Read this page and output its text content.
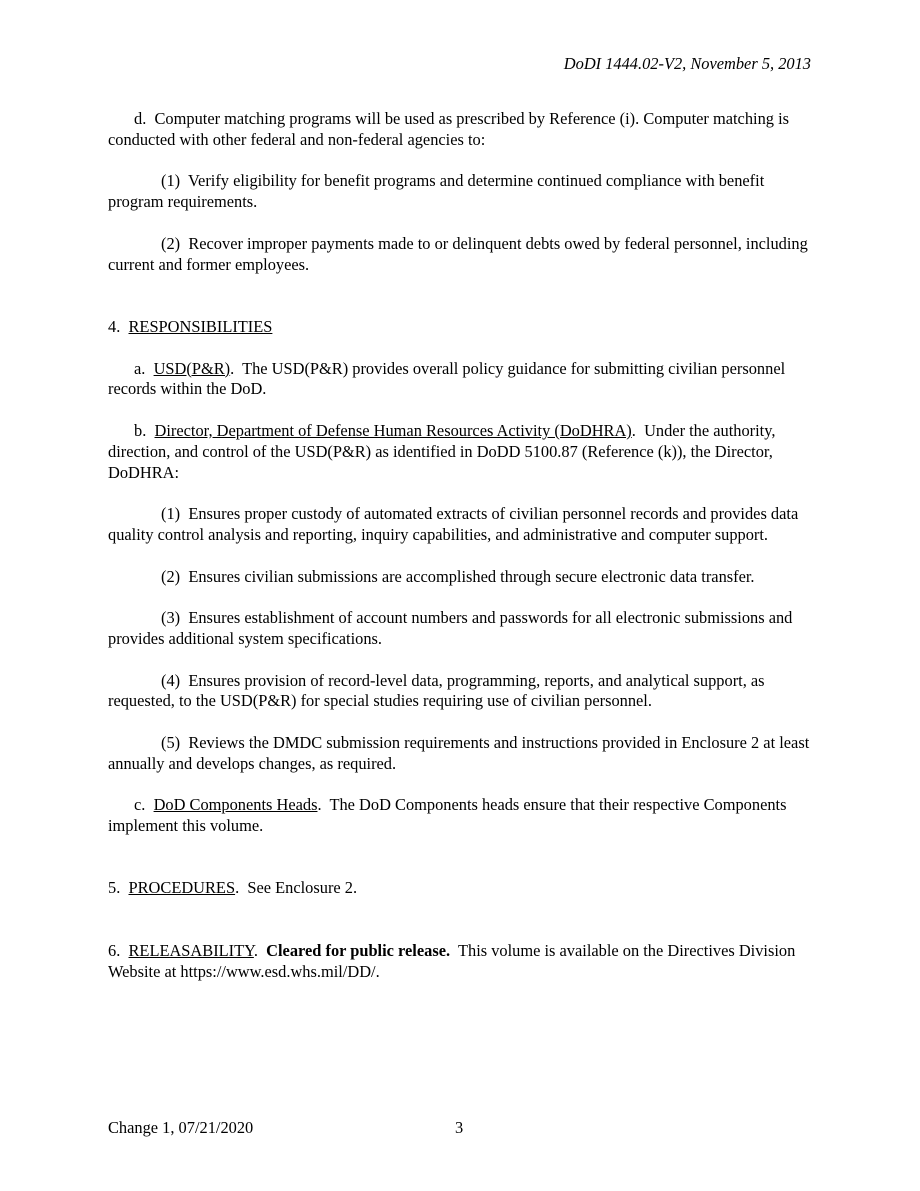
DoDI 1444.02-V2, November 5, 2013

d. Computer matching programs will be used as prescribed by Reference (i). Computer matching is conducted with other federal and non-federal agencies to:

(1) Verify eligibility for benefit programs and determine continued compliance with benefit program requirements.

(2) Recover improper payments made to or delinquent debts owed by federal personnel, including current and former employees.

4. RESPONSIBILITIES

a. USD(P&R).  The USD(P&R) provides overall policy guidance for submitting civilian personnel records within the DoD.

b. Director, Department of Defense Human Resources Activity (DoDHRA).  Under the authority, direction, and control of the USD(P&R) as identified in DoDD 5100.87 (Reference (k)), the Director, DoDHRA:

(1) Ensures proper custody of automated extracts of civilian personnel records and provides data quality control analysis and reporting, inquiry capabilities, and administrative and computer support.

(2) Ensures civilian submissions are accomplished through secure electronic data transfer.

(3) Ensures establishment of account numbers and passwords for all electronic submissions and provides additional system specifications.

(4) Ensures provision of record-level data, programming, reports, and analytical support, as requested, to the USD(P&R) for special studies requiring use of civilian personnel.

(5) Reviews the DMDC submission requirements and instructions provided in Enclosure 2 at least annually and develops changes, as required.

c. DoD Components Heads.  The DoD Components heads ensure that their respective Components implement this volume.

5. PROCEDURES.  See Enclosure 2.

6. RELEASABILITY.  Cleared for public release. This volume is available on the Directives Division Website at https://www.esd.whs.mil/DD/.

Change 1, 07/21/2020	3
